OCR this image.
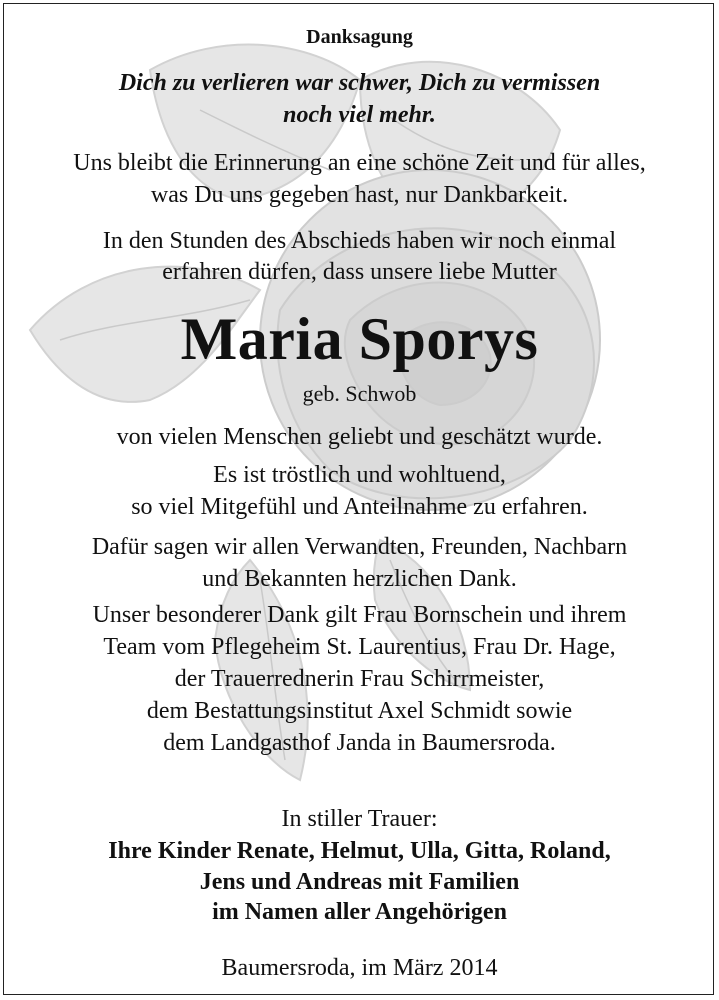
Danksagung
Dich zu verlieren war schwer, Dich zu vermissen
noch viel mehr.
Uns bleibt die Erinnerung an eine schöne Zeit und für alles,
was Du uns gegeben hast, nur Dankbarkeit.
In den Stunden des Abschieds haben wir noch einmal
erfahren dürfen, dass unsere liebe Mutter
Maria Sporys
geb. Schwob
von vielen Menschen geliebt und geschätzt wurde.
Es ist tröstlich und wohltuend,
so viel Mitgefühl und Anteilnahme zu erfahren.
Dafür sagen wir allen Verwandten, Freunden, Nachbarn
und Bekannten herzlichen Dank.
Unser besonderer Dank gilt Frau Bornschein und ihrem
Team vom Pflegeheim St. Laurentius, Frau Dr. Hage,
der Trauerrednerin Frau Schirrmeister,
dem Bestattungsinstitut Axel Schmidt sowie
dem Landgasthof Janda in Baumersroda.
In stiller Trauer:
Ihre Kinder Renate, Helmut, Ulla, Gitta, Roland,
Jens und Andreas mit Familien
im Namen aller Angehörigen
Baumersroda, im März 2014
